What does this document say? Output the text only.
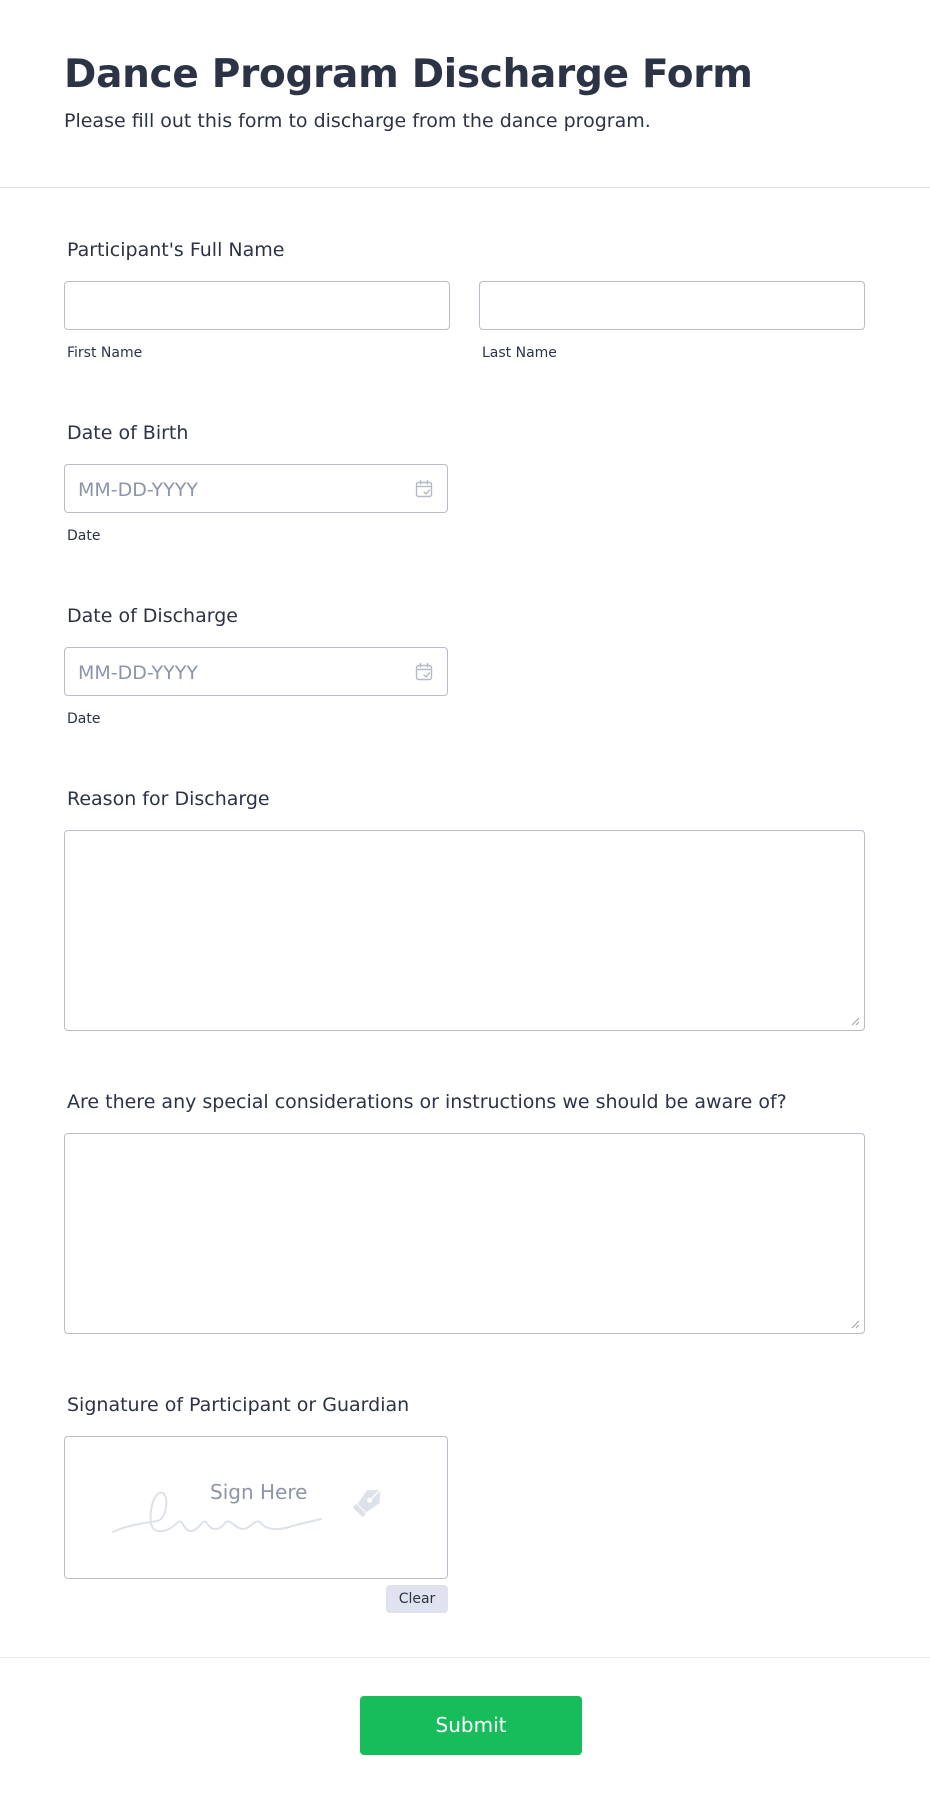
Dance Program Discharge Form
Please fill out this form to discharge from the dance program.
Participant's Full Name
First Name	Last Name
Date of Birth
MM-DD-YYYY
Date
Date of Discharge
MM-DD-YYYY
Date
Reason for Discharge
Are there any special considerations or instructions we should be aware of?
Signature of Participant or Guardian
Sign Here
Clear
Submit
